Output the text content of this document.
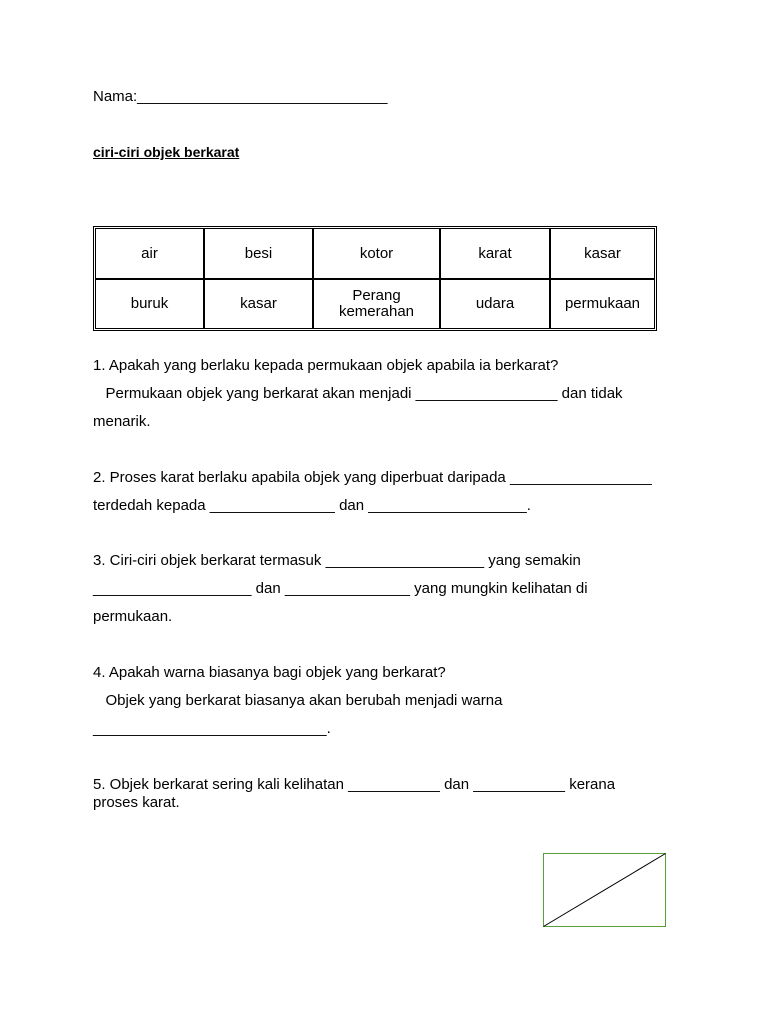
Nama:______________________________
ciri-ciri objek berkarat
air	besi	kotor	karat	kasar
buruk	kasar	Perang kemerahan	udara	permukaan
1. Apakah yang berlaku kepada permukaan objek apabila ia berkarat?
Permukaan objek yang berkarat akan menjadi _________________ dan tidak
menarik.
2. Proses karat berlaku apabila objek yang diperbuat daripada _________________
terdedah kepada _______________ dan ___________________.
3. Ciri-ciri objek berkarat termasuk ___________________ yang semakin
___________________ dan _______________ yang mungkin kelihatan di
permukaan.
4. Apakah warna biasanya bagi objek yang berkarat?
Objek yang berkarat biasanya akan berubah menjadi warna
____________________________.
5. Objek berkarat sering kali kelihatan ___________ dan ___________ kerana
proses karat.
